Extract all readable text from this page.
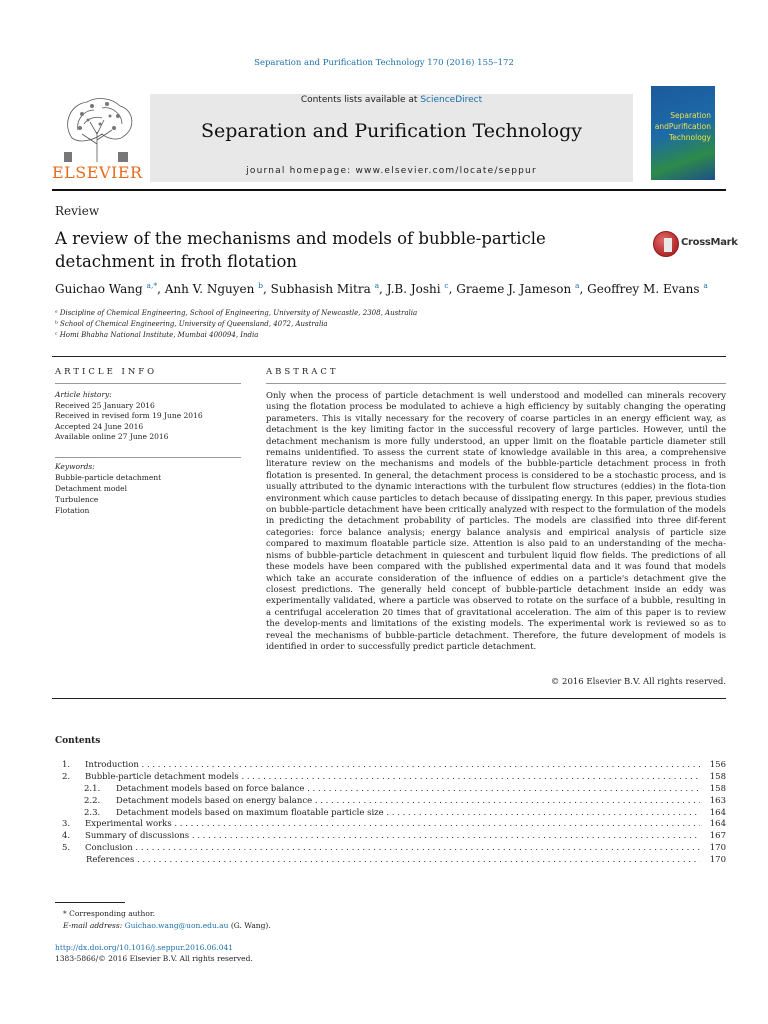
Separation and Purification Technology 170 (2016) 155–172
ELSEVIER
Contents lists available at ScienceDirect
Separation and Purification Technology
journal homepage: www.elsevier.com/locate/seppur
Separation
andPurification
Technology
Review
A review of the mechanisms and models of bubble-particle detachment in froth flotation
CrossMark
Guichao Wang $^{a,*}$, Anh V. Nguyen $^b$, Subhasish Mitra $^a$, J.B. Joshi $^c$, Graeme J. Jameson $^a$, Geoffrey M. Evans $^a$
ᵃ Discipline of Chemical Engineering, School of Engineering, University of Newcastle, 2308, Australia
ᵇ School of Chemical Engineering, University of Queensland, 4072, Australia
ᶜ Homi Bhabha National Institute, Mumbai 400094, India
ARTICLE INFO
Article history:
Received 25 January 2016
Received in revised form 19 June 2016
Accepted 24 June 2016
Available online 27 June 2016
Keywords:
Bubble-particle detachment
Detachment model
Turbulence
Flotation
ABSTRACT
Only when the process of particle detachment is well understood and modelled can minerals recovery using the flotation process be modulated to achieve a high efficiency by suitably changing the operating parameters. This is vitally necessary for the recovery of coarse particles in an energy efficient way, as detachment is the key limiting factor in the successful recovery of large particles. However, until the detachment mechanism is more fully understood, an upper limit on the floatable particle diameter still remains unidentified. To assess the current state of knowledge available in this area, a comprehensive literature review on the mechanisms and models of the bubble-particle detachment process in froth flotation is presented. In general, the detachment process is considered to be a stochastic process, and is usually attributed to the dynamic interactions with the turbulent flow structures (eddies) in the flota-tion environment which cause particles to detach because of dissipating energy. In this paper, previous studies on bubble-particle detachment have been critically analyzed with respect to the formulation of the models in predicting the detachment probability of particles. The models are classified into three dif-ferent categories: force balance analysis; energy balance analysis and empirical analysis of particle size compared to maximum floatable particle size. Attention is also paid to an understanding of the mecha-nisms of bubble-particle detachment in quiescent and turbulent liquid flow fields. The predictions of all these models have been compared with the published experimental data and it was found that models which take an accurate consideration of the influence of eddies on a particle's detachment give the closest predictions. The generally held concept of bubble-particle detachment inside an eddy was experimentally validated, where a particle was observed to rotate on the surface of a bubble, resulting in a centrifugal acceleration 20 times that of gravitational acceleration. The aim of this paper is to review the develop-ments and limitations of the existing models. The experimental work is reviewed so as to reveal the mechanisms of bubble-particle detachment. Therefore, the future development of models is identified in order to successfully predict particle detachment.
© 2016 Elsevier B.V. All rights reserved.
Contents
1. Introduction . . .	156
2. Bubble-particle detachment models . . .	158
2.1. Detachment models based on force balance . . .	158
2.2. Detachment models based on energy balance . . .	163
2.3. Detachment models based on maximum floatable particle size . . .	164
3. Experimental works . . .	164
4. Summary of discussions . . .	167
5. Conclusion . . .	170
References . . .	170
* Corresponding author.
E-mail address: Guichao.wang@uon.edu.au (G. Wang).
http://dx.doi.org/10.1016/j.seppur.2016.06.041
1383-5866/© 2016 Elsevier B.V. All rights reserved.
